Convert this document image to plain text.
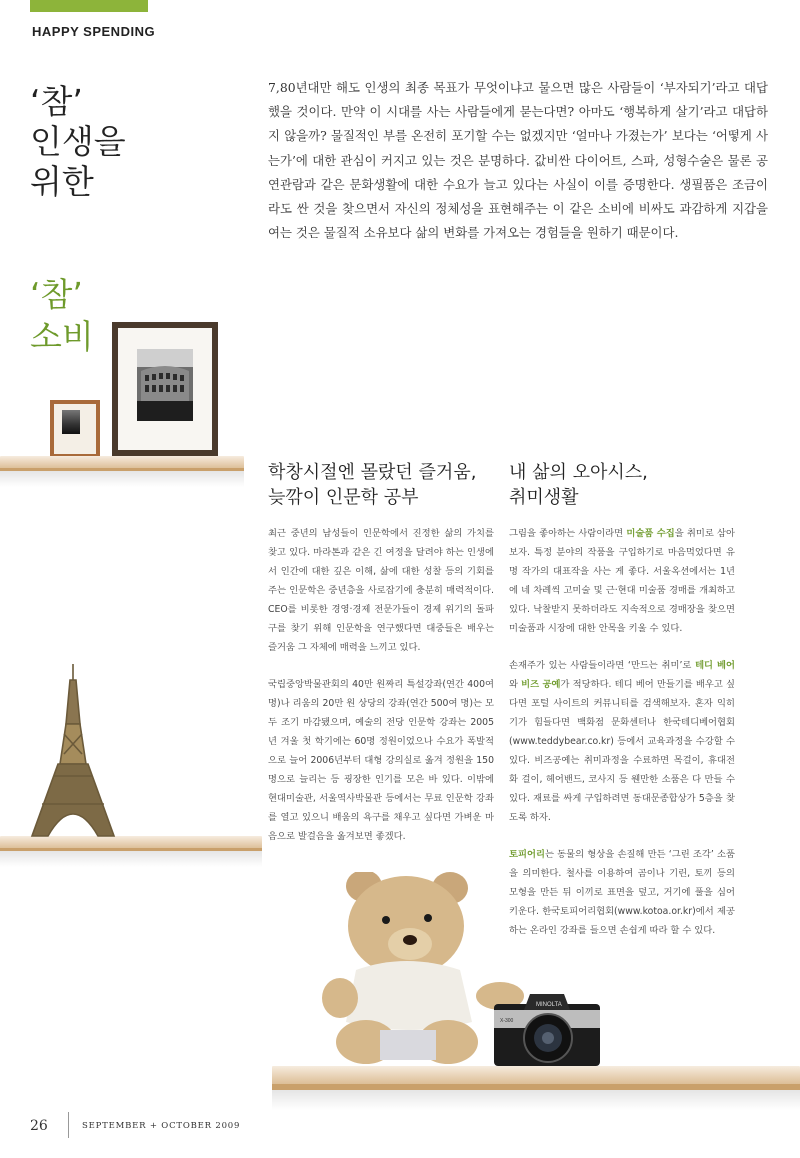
HAPPY SPENDING
‘참’
인생을
위한
‘참’
소비
7,80년대만 해도 인생의 최종 목표가 무엇이냐고 물으면 많은 사람들이 ‘부자되기’라고 대답했을 것이다. 만약 이 시대를 사는 사람들에게 묻는다면? 아마도 ‘행복하게 살기’라고 대답하지 않을까? 물질적인 부를 온전히 포기할 수는 없겠지만 ‘얼마나 가졌는가’ 보다는 ‘어떻게 사는가’에 대한 관심이 커지고 있는 것은 분명하다. 값비싼 다이어트, 스파, 성형수술은 물론 공연관람과 같은 문화생활에 대한 수요가 늘고 있다는 사실이 이를 증명한다. 생필품은 조금이라도 싼 것을 찾으면서 자신의 정체성을 표현해주는 이 같은 소비에 비싸도 과감하게 지갑을 여는 것은 물질적 소유보다 삶의 변화를 가져오는 경험들을 원하기 때문이다.
MINOLTA
X-300
학창시절엔 몰랐던 즐거움,
늦깎이 인문학 공부

최근 중년의 남성들이 인문학에서 진정한 삶의 가치를 찾고 있다. 마라톤과 같은 긴 여정을 달려야 하는 인생에서 인간에 대한 깊은 이해, 삶에 대한 성찰 등의 기회를 주는 인문학은 중년층을 사로잡기에 충분히 매력적이다. CEO를 비롯한 경영·경제 전문가들이 경제 위기의 돌파구를 찾기 위해 인문학을 연구했다면 대중들은 배우는 즐거움 그 자체에 매력을 느끼고 있다.

국립중앙박물관회의 40만 원짜리 특설강좌(연간 400여 명)나 리움의 20만 원 상당의 강좌(연간 500여 명)는 모두 조기 마감됐으며, 예술의 전당 인문학 강좌는 2005년 겨울 첫 학기에는 60명 정원이었으나 수요가 폭발적으로 늘어 2006년부터 대형 강의실로 옮겨 정원을 150명으로 늘리는 등 굉장한 인기를 모은 바 있다. 이밖에 현대미술관, 서울역사박물관 등에서는 무료 인문학 강좌를 열고 있으니 배움의 욕구를 채우고 싶다면 가벼운 마음으로 발걸음을 옮겨보면 좋겠다.

내 삶의 오아시스,
취미생활

그림을 좋아하는 사람이라면 미술품 수집을 취미로 삼아보자. 특정 분야의 작품을 구입하기로 마음먹었다면 유명 작가의 대표작을 사는 게 좋다. 서울옥션에서는 1년에 네 차례씩 고미술 및 근·현대 미술품 경매를 개최하고 있다. 낙찰받지 못하더라도 지속적으로 경매장을 찾으면 미술품과 시장에 대한 안목을 키울 수 있다.

손재주가 있는 사람들이라면 ‘만드는 취미’로 테디 베어와 비즈 공예가 적당하다. 테디 베어 만들기를 배우고 싶다면 포털 사이트의 커뮤니티를 검색해보자. 혼자 익히기가 힘들다면 백화점 문화센터나 한국테디베어협회(www.teddybear.co.kr) 등에서 교육과정을 수강할 수 있다. 비즈공예는 취미과정을 수료하면 목걸이, 휴대전화 걸이, 헤어밴드, 코사지 등 웬만한 소품은 다 만들 수 있다. 재료를 싸게 구입하려면 동대문종합상가 5층을 찾도록 하자.

토피어리는 동물의 형상을 손질해 만든 ‘그린 조각’ 소품을 의미한다. 철사를 이용하여 곰이나 기린, 토끼 등의 모형을 만든 뒤 이끼로 표면을 덮고, 거기에 풀을 심어 키운다. 한국토피어리협회(www.kotoa.or.kr)에서 제공하는 온라인 강좌를 들으면 손쉽게 따라 할 수 있다.

26	SEPTEMBER + OCTOBER 2009
